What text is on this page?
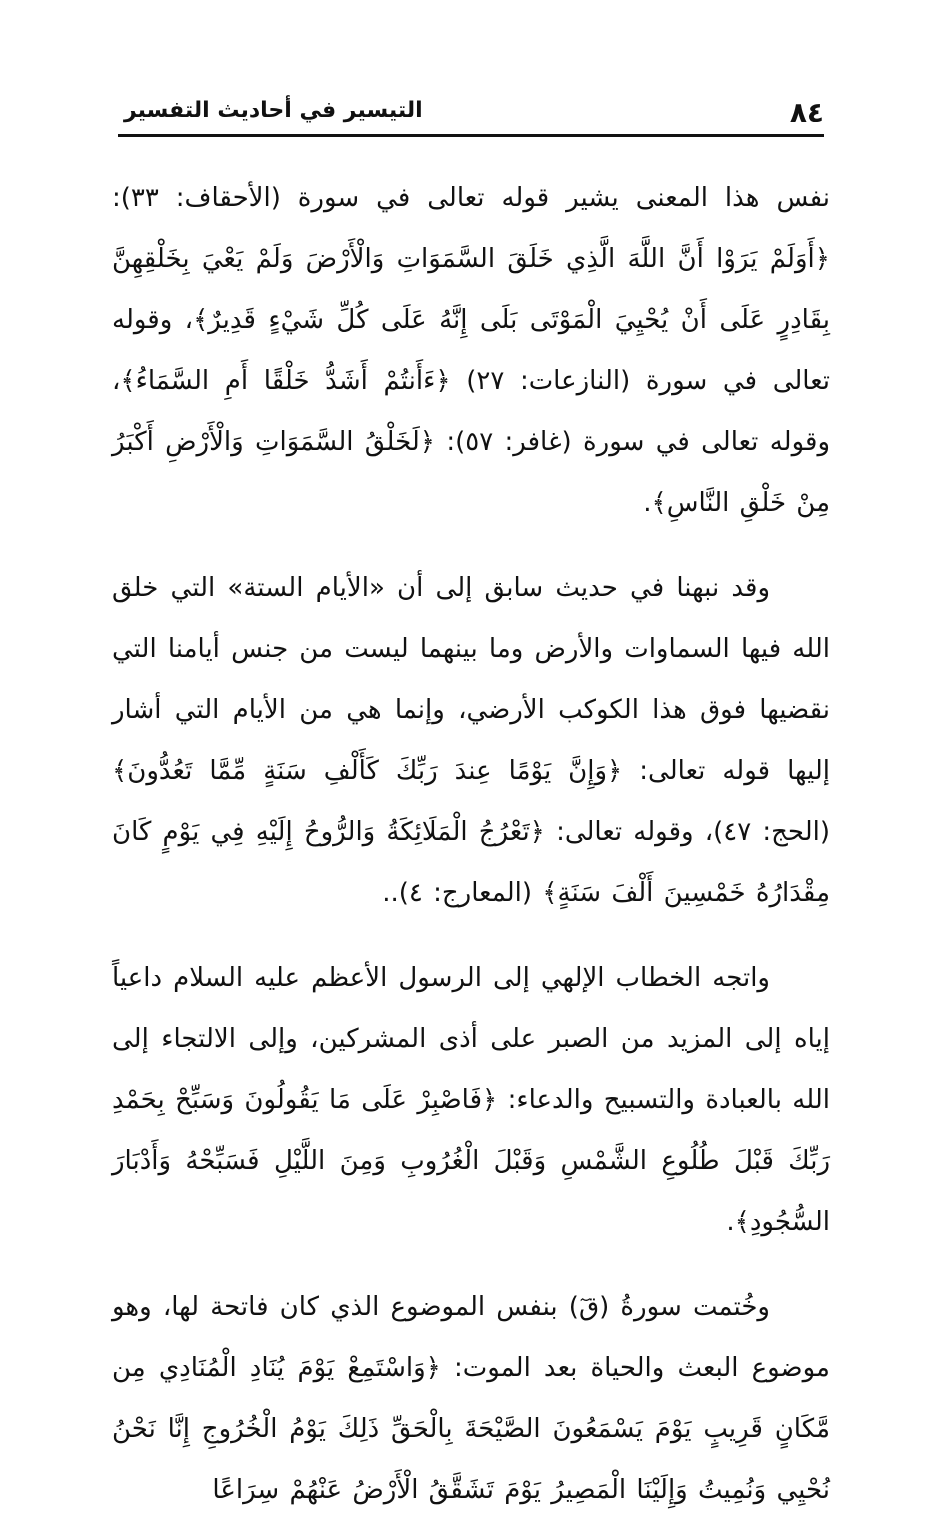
٨٤
التيسير في أحاديث التفسير

نفس هذا المعنى يشير قوله تعالى في سورة (الأحقاف: ٣٣): ﴿أَوَلَمْ يَرَوْا أَنَّ اللَّهَ الَّذِي خَلَقَ السَّمَوَاتِ وَالْأَرْضَ وَلَمْ يَعْيَ بِخَلْقِهِنَّ بِقَادِرٍ عَلَى أَنْ يُحْيِيَ الْمَوْتَى بَلَى إِنَّهُ عَلَى كُلِّ شَيْءٍ قَدِيرٌ﴾، وقوله تعالى في سورة (النازعات: ٢٧) ﴿ءَأَنتُمْ أَشَدُّ خَلْقًا أَمِ السَّمَاءُ﴾، وقوله تعالى في سورة (غافر: ٥٧): ﴿لَخَلْقُ السَّمَوَاتِ وَالْأَرْضِ أَكْبَرُ مِنْ خَلْقِ النَّاسِ﴾.

وقد نبهنا في حديث سابق إلى أن «الأيام الستة» التي خلق الله فيها السماوات والأرض وما بينهما ليست من جنس أيامنا التي نقضيها فوق هذا الكوكب الأرضي، وإنما هي من الأيام التي أشار إليها قوله تعالى: ﴿وَإِنَّ يَوْمًا عِندَ رَبِّكَ كَأَلْفِ سَنَةٍ مِّمَّا تَعُدُّونَ﴾ (الحج: ٤٧)، وقوله تعالى: ﴿تَعْرُجُ الْمَلَائِكَةُ وَالرُّوحُ إِلَيْهِ فِي يَوْمٍ كَانَ مِقْدَارُهُ خَمْسِينَ أَلْفَ سَنَةٍ﴾ (المعارج: ٤)..

واتجه الخطاب الإلهي إلى الرسول الأعظم عليه السلام داعياً إياه إلى المزيد من الصبر على أذى المشركين، وإلى الالتجاء إلى الله بالعبادة والتسبيح والدعاء: ﴿فَاصْبِرْ عَلَى مَا يَقُولُونَ وَسَبِّحْ بِحَمْدِ رَبِّكَ قَبْلَ طُلُوعِ الشَّمْسِ وَقَبْلَ الْغُرُوبِ وَمِنَ اللَّيْلِ فَسَبِّحْهُ وَأَدْبَارَ السُّجُودِ﴾.

وخُتمت سورةُ (قٓ) بنفس الموضوع الذي كان فاتحة لها، وهو موضوع البعث والحياة بعد الموت: ﴿وَاسْتَمِعْ يَوْمَ يُنَادِ الْمُنَادِي مِن مَّكَانٍ قَرِيبٍ يَوْمَ يَسْمَعُونَ الصَّيْحَةَ بِالْحَقِّ ذَلِكَ يَوْمُ الْخُرُوجِ إِنَّا نَحْنُ نُحْيِي وَنُمِيتُ وَإِلَيْنَا الْمَصِيرُ يَوْمَ تَشَقَّقُ الْأَرْضُ عَنْهُمْ سِرَاعًا
